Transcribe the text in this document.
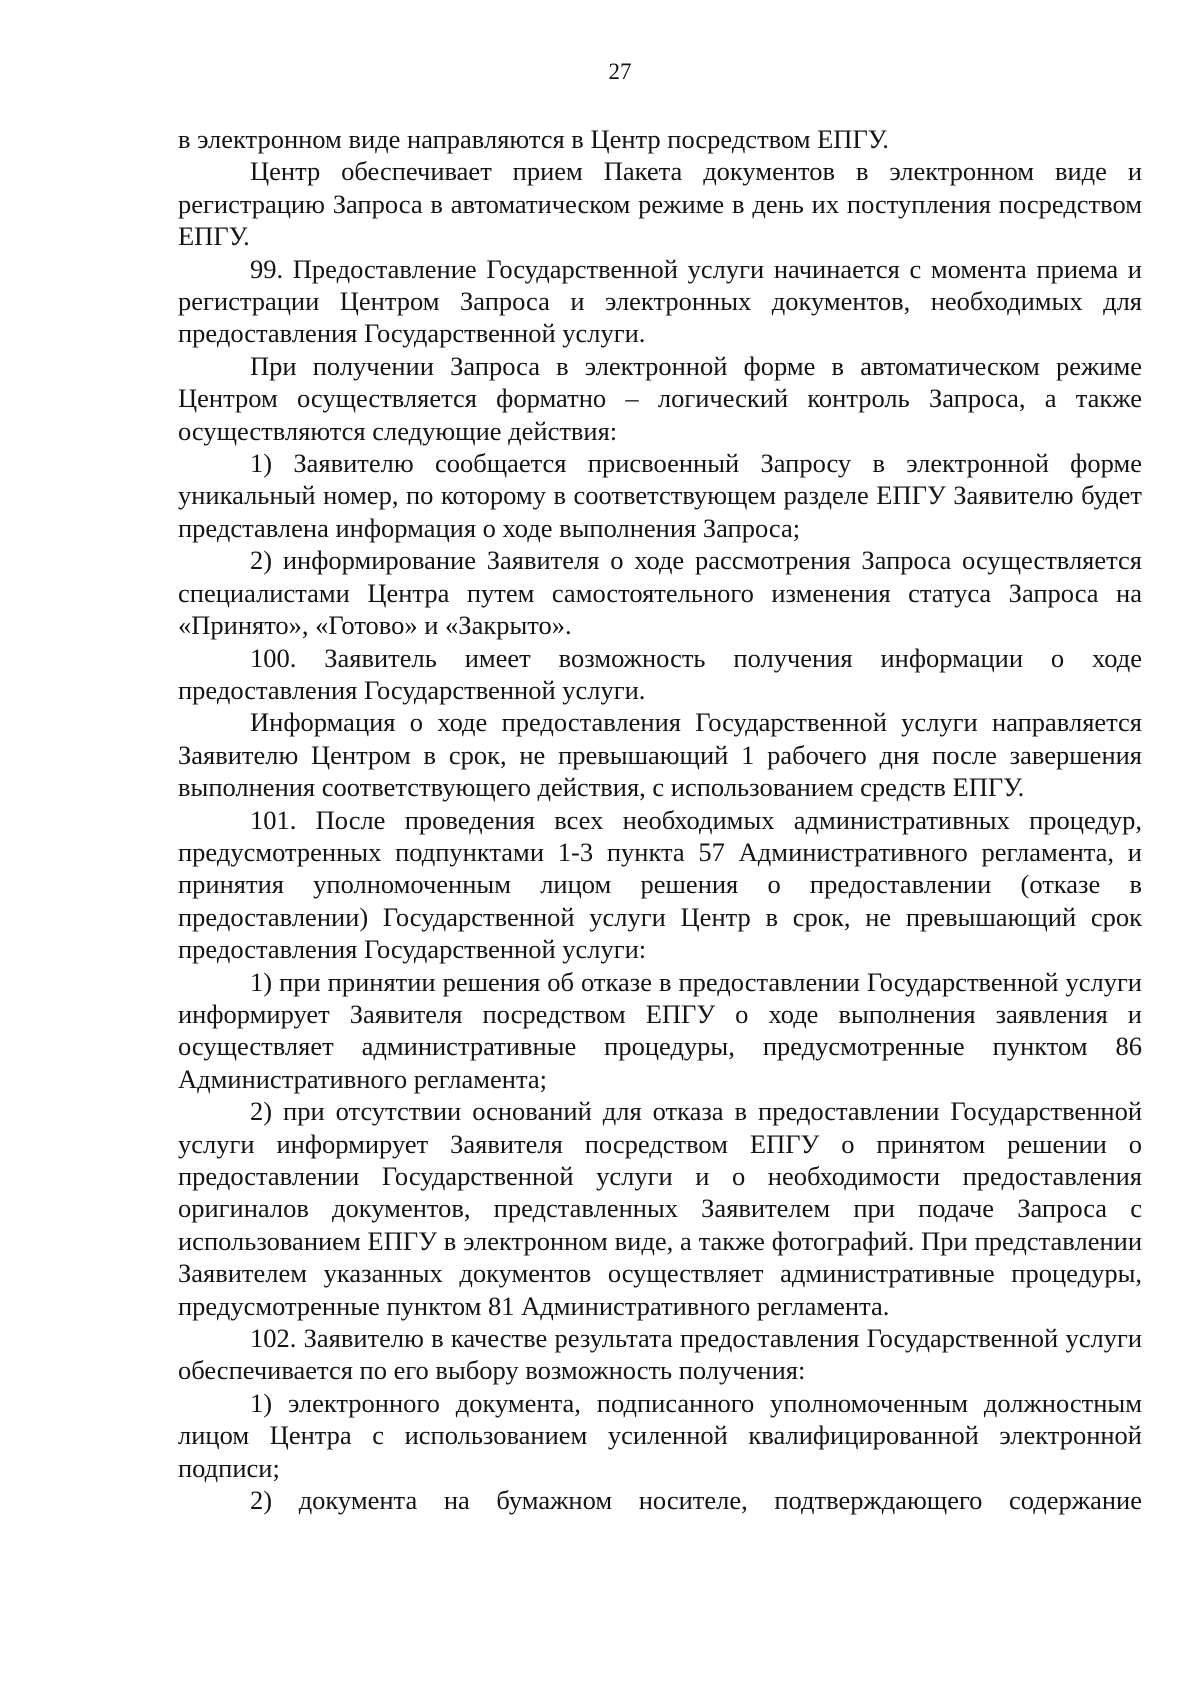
27

в электронном виде направляются в Центр посредством ЕПГУ.

Центр обеспечивает прием Пакета документов в электронном виде и регистрацию Запроса в автоматическом режиме в день их поступления посредством ЕПГУ.

99. Предоставление Государственной услуги начинается с момента приема и регистрации Центром Запроса и электронных документов, необходимых для предоставления Государственной услуги.

При получении Запроса в электронной форме в автоматическом режиме Центром осуществляется форматно – логический контроль Запроса, а также осуществляются следующие действия:

1) Заявителю сообщается присвоенный Запросу в электронной форме уникальный номер, по которому в соответствующем разделе ЕПГУ Заявителю будет представлена информация о ходе выполнения Запроса;

2) информирование Заявителя о ходе рассмотрения Запроса осуществляется специалистами Центра путем самостоятельного изменения статуса Запроса на «Принято», «Готово» и «Закрыто».

100. Заявитель имеет возможность получения информации о ходе предоставления Государственной услуги.

Информация о ходе предоставления Государственной услуги направляется Заявителю Центром в срок, не превышающий 1 рабочего дня после завершения выполнения соответствующего действия, с использованием средств ЕПГУ.

101. После проведения всех необходимых административных процедур, предусмотренных подпунктами 1-3 пункта 57 Административного регламента, и принятия уполномоченным лицом решения о предоставлении (отказе в предоставлении) Государственной услуги Центр в срок, не превышающий срок предоставления Государственной услуги:

1) при принятии решения об отказе в предоставлении Государственной услуги информирует Заявителя посредством ЕПГУ о ходе выполнения заявления и осуществляет административные процедуры, предусмотренные пунктом 86 Административного регламента;

2) при отсутствии оснований для отказа в предоставлении Государственной услуги информирует Заявителя посредством ЕПГУ о принятом решении о предоставлении Государственной услуги и о необходимости предоставления оригиналов документов, представленных Заявителем при подаче Запроса с использованием ЕПГУ в электронном виде, а также фотографий. При представлении Заявителем указанных документов осуществляет административные процедуры, предусмотренные пунктом 81 Административного регламента.

102. Заявителю в качестве результата предоставления Государственной услуги обеспечивается по его выбору возможность получения:

1) электронного документа, подписанного уполномоченным должностным лицом Центра с использованием усиленной квалифицированной электронной подписи;

2) документа на бумажном носителе, подтверждающего содержание
